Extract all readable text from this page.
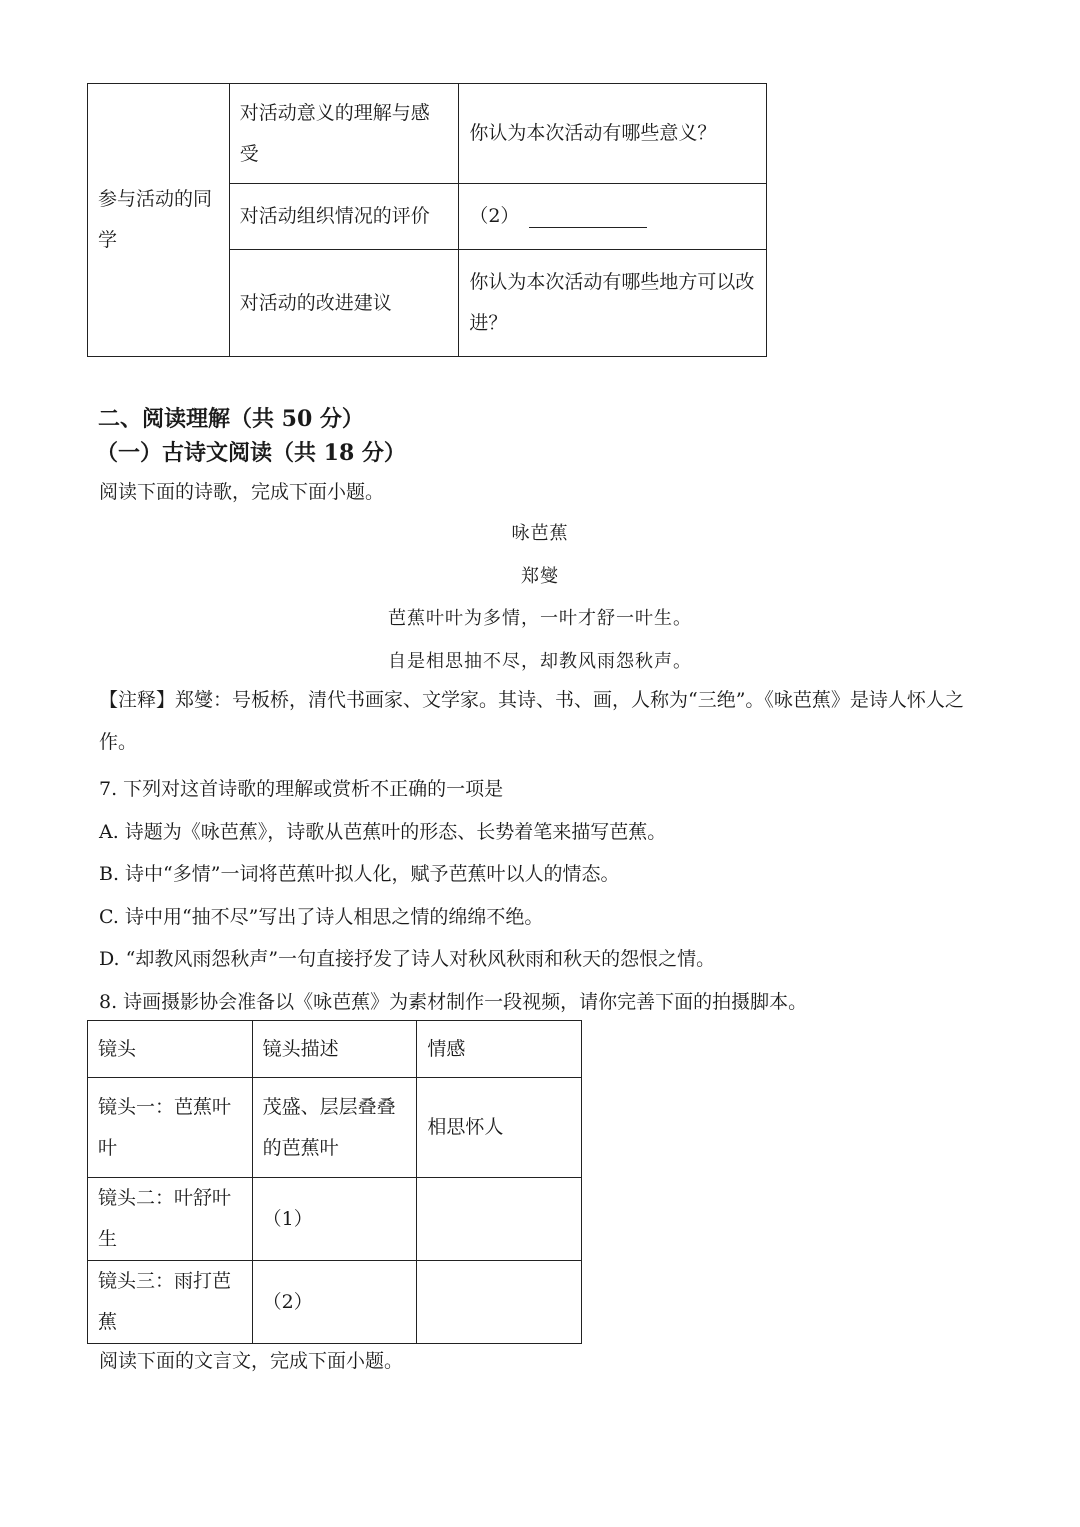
参与活动的同学	对活动意义的理解与感受	你认为本次活动有哪些意义？
	对活动组织情况的评价	（2）
	对活动的改进建议	你认为本次活动有哪些地方可以改进？
二、阅读理解（共 50 分）
（一）古诗文阅读（共 18 分）
阅读下面的诗歌，完成下面小题。
咏芭蕉
郑燮
芭蕉叶叶为多情，一叶才舒一叶生。
自是相思抽不尽，却教风雨怨秋声。
【注释】郑燮：号板桥，清代书画家、文学家。其诗、书、画，人称为“三绝”。《咏芭蕉》是诗人怀人之作。
7. 下列对这首诗歌的理解或赏析不正确的一项是
A. 诗题为《咏芭蕉》，诗歌从芭蕉叶的形态、长势着笔来描写芭蕉。
B. 诗中“多情”一词将芭蕉叶拟人化，赋予芭蕉叶以人的情态。
C. 诗中用“抽不尽”写出了诗人相思之情的绵绵不绝。
D. “却教风雨怨秋声”一句直接抒发了诗人对秋风秋雨和秋天的怨恨之情。
8. 诗画摄影协会准备以《咏芭蕉》为素材制作一段视频，请你完善下面的拍摄脚本。
镜头	镜头描述	情感
镜头一：芭蕉叶叶	茂盛、层层叠叠的芭蕉叶	相思怀人
镜头二：叶舒叶生	（1）	
镜头三：雨打芭蕉	（2）	
阅读下面的文言文，完成下面小题。
